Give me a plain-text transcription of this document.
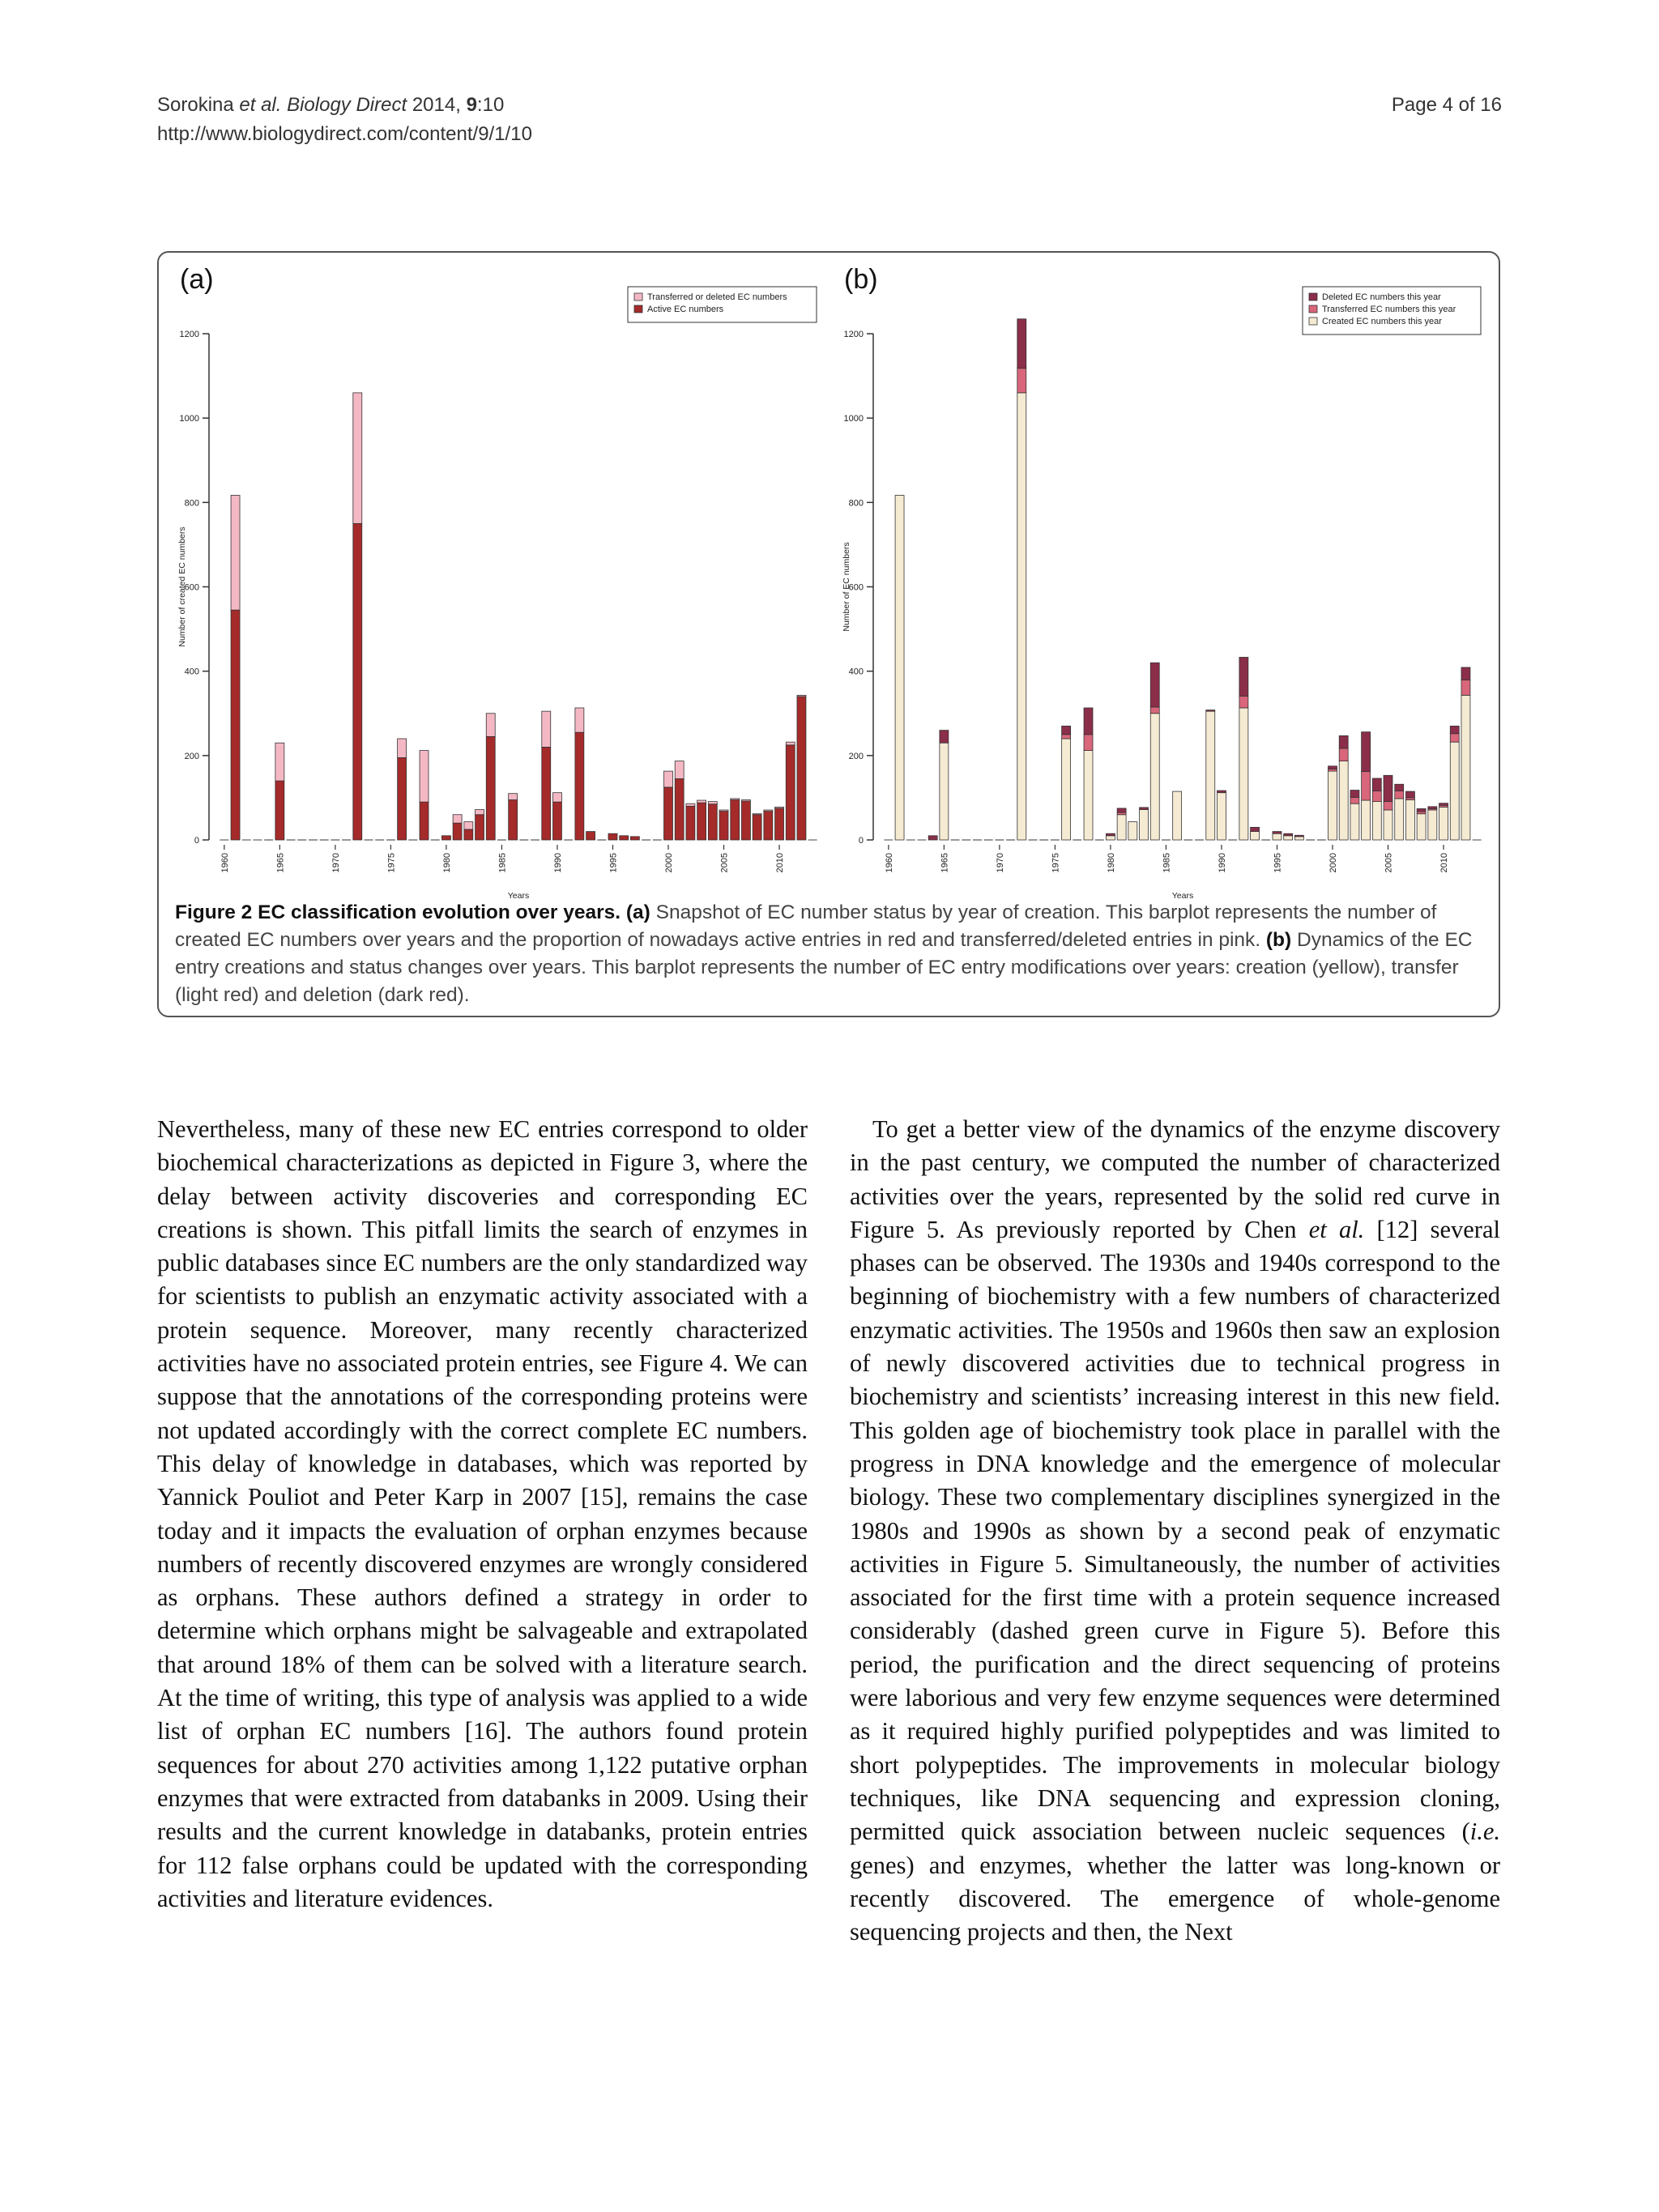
Sorokina et al. Biology Direct 2014, 9:10
http://www.biologydirect.com/content/9/1/10
Page 4 of 16
(a)
0
200
400
600
800
1000
1200
Number of created EC numbers
1960	1965	1970	1975	1980	1985	1990	1995	2000	2005	2010
Years
Transferred or deleted EC numbers
Active EC numbers
(b)
0
200
400
600
800
1000
1200
Number of EC numbers
1960	1965	1970	1975	1980	1985	1990	1995	2000	2005	2010
Years
Deleted EC numbers this year
Transferred EC numbers this year
Created EC numbers this year
Figure 2 EC classification evolution over years. (a) Snapshot of EC number status by year of creation. This barplot represents the number of created EC numbers over years and the proportion of nowadays active entries in red and transferred/deleted entries in pink. (b) Dynamics of the EC entry creations and status changes over years. This barplot represents the number of EC entry modifications over years: creation (yellow), transfer (light red) and deletion (dark red).

Nevertheless, many of these new EC entries correspond to older biochemical characterizations as depicted in Figure 3, where the delay between activity discoveries and corresponding EC creations is shown. This pitfall limits the search of enzymes in public databases since EC numbers are the only standardized way for scientists to publish an enzymatic activity associated with a protein sequence. Moreover, many recently characterized activities have no associated protein entries, see Figure 4. We can suppose that the annotations of the corresponding proteins were not updated accordingly with the correct complete EC numbers. This delay of knowledge in databases, which was reported by Yannick Pouliot and Peter Karp in 2007 [15], remains the case today and it impacts the evaluation of orphan enzymes because numbers of recently discovered enzymes are wrongly considered as orphans. These authors defined a strategy in order to determine which orphans might be salvageable and extrapolated that around 18% of them can be solved with a literature search. At the time of writing, this type of analysis was applied to a wide list of orphan EC numbers [16]. The authors found protein sequences for about 270 activities among 1,122 putative orphan enzymes that were extracted from databanks in 2009. Using their results and the current knowledge in databanks, protein entries for 112 false orphans could be updated with the corresponding activities and literature evidences.

To get a better view of the dynamics of the enzyme discovery in the past century, we computed the number of characterized activities over the years, represented by the solid red curve in Figure 5. As previously reported by Chen et al. [12] several phases can be observed. The 1930s and 1940s correspond to the beginning of biochemistry with a few numbers of characterized enzymatic activities. The 1950s and 1960s then saw an explosion of newly discovered activities due to technical progress in biochemistry and scientists’ increasing interest in this new field. This golden age of biochemistry took place in parallel with the progress in DNA knowledge and the emergence of molecular biology. These two complementary disciplines synergized in the 1980s and 1990s as shown by a second peak of enzymatic activities in Figure 5. Simultaneously, the number of activities associated for the first time with a protein sequence increased considerably (dashed green curve in Figure 5). Before this period, the purification and the direct sequencing of proteins were laborious and very few enzyme sequences were determined as it required highly purified polypeptides and was limited to short polypeptides. The improvements in molecular biology techniques, like DNA sequencing and expression cloning, permitted quick association between nucleic sequences (i.e. genes) and enzymes, whether the latter was long-known or recently discovered. The emergence of whole-genome sequencing projects and then, the Next
